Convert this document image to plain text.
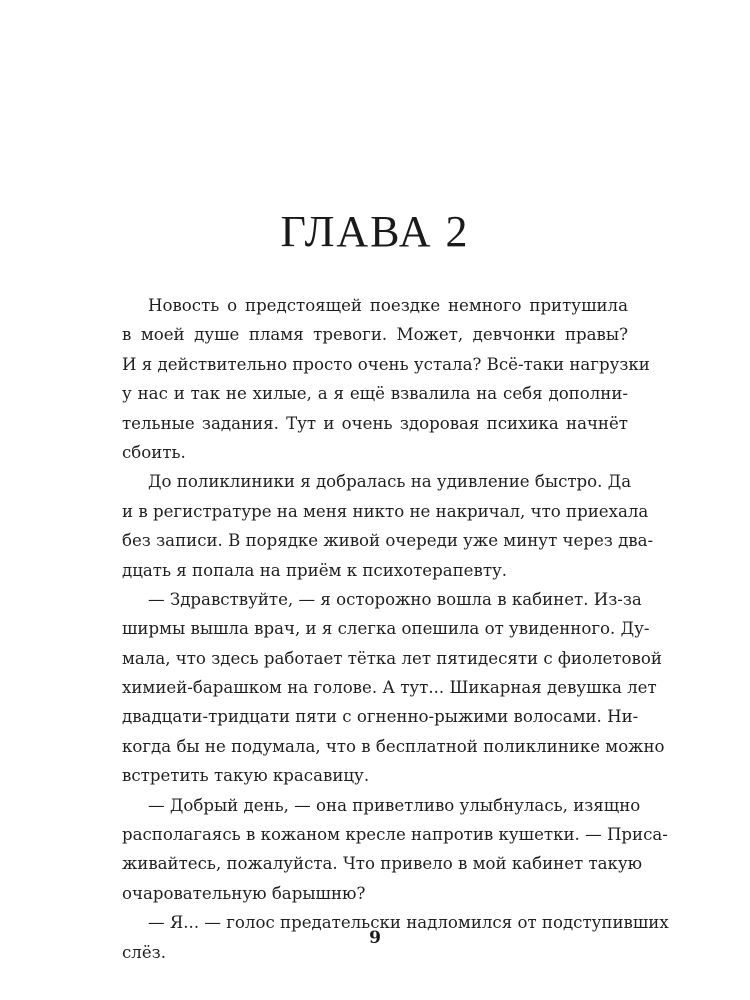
ГЛАВА 2
Новость о предстоящей поездке немного притушила
в моей душе пламя тревоги. Может, девчонки правы?
И я действительно просто очень устала? Всё-таки нагрузки
у нас и так не хилые, а я ещё взвалила на себя дополни-
тельные задания. Тут и очень здоровая психика начнёт
сбоить.
До поликлиники я добралась на удивление быстро. Да
и в регистратуре на меня никто не накричал, что приехала
без записи. В порядке живой очереди уже минут через два-
дцать я попала на приём к психотерапевту.
— Здравствуйте, — я осторожно вошла в кабинет. Из-за
ширмы вышла врач, и я слегка опешила от увиденного. Ду-
мала, что здесь работает тётка лет пятидесяти с фиолетовой
химией-барашком на голове. А тут... Шикарная девушка лет
двадцати-тридцати пяти с огненно-рыжими волосами. Ни-
когда бы не подумала, что в бесплатной поликлинике можно
встретить такую красавицу.
— Добрый день, — она приветливо улыбнулась, изящно
располагаясь в кожаном кресле напротив кушетки. — Приса-
живайтесь, пожалуйста. Что привело в мой кабинет такую
очаровательную барышню?
— Я... — голос предательски надломился от подступивших
слёз.
9
